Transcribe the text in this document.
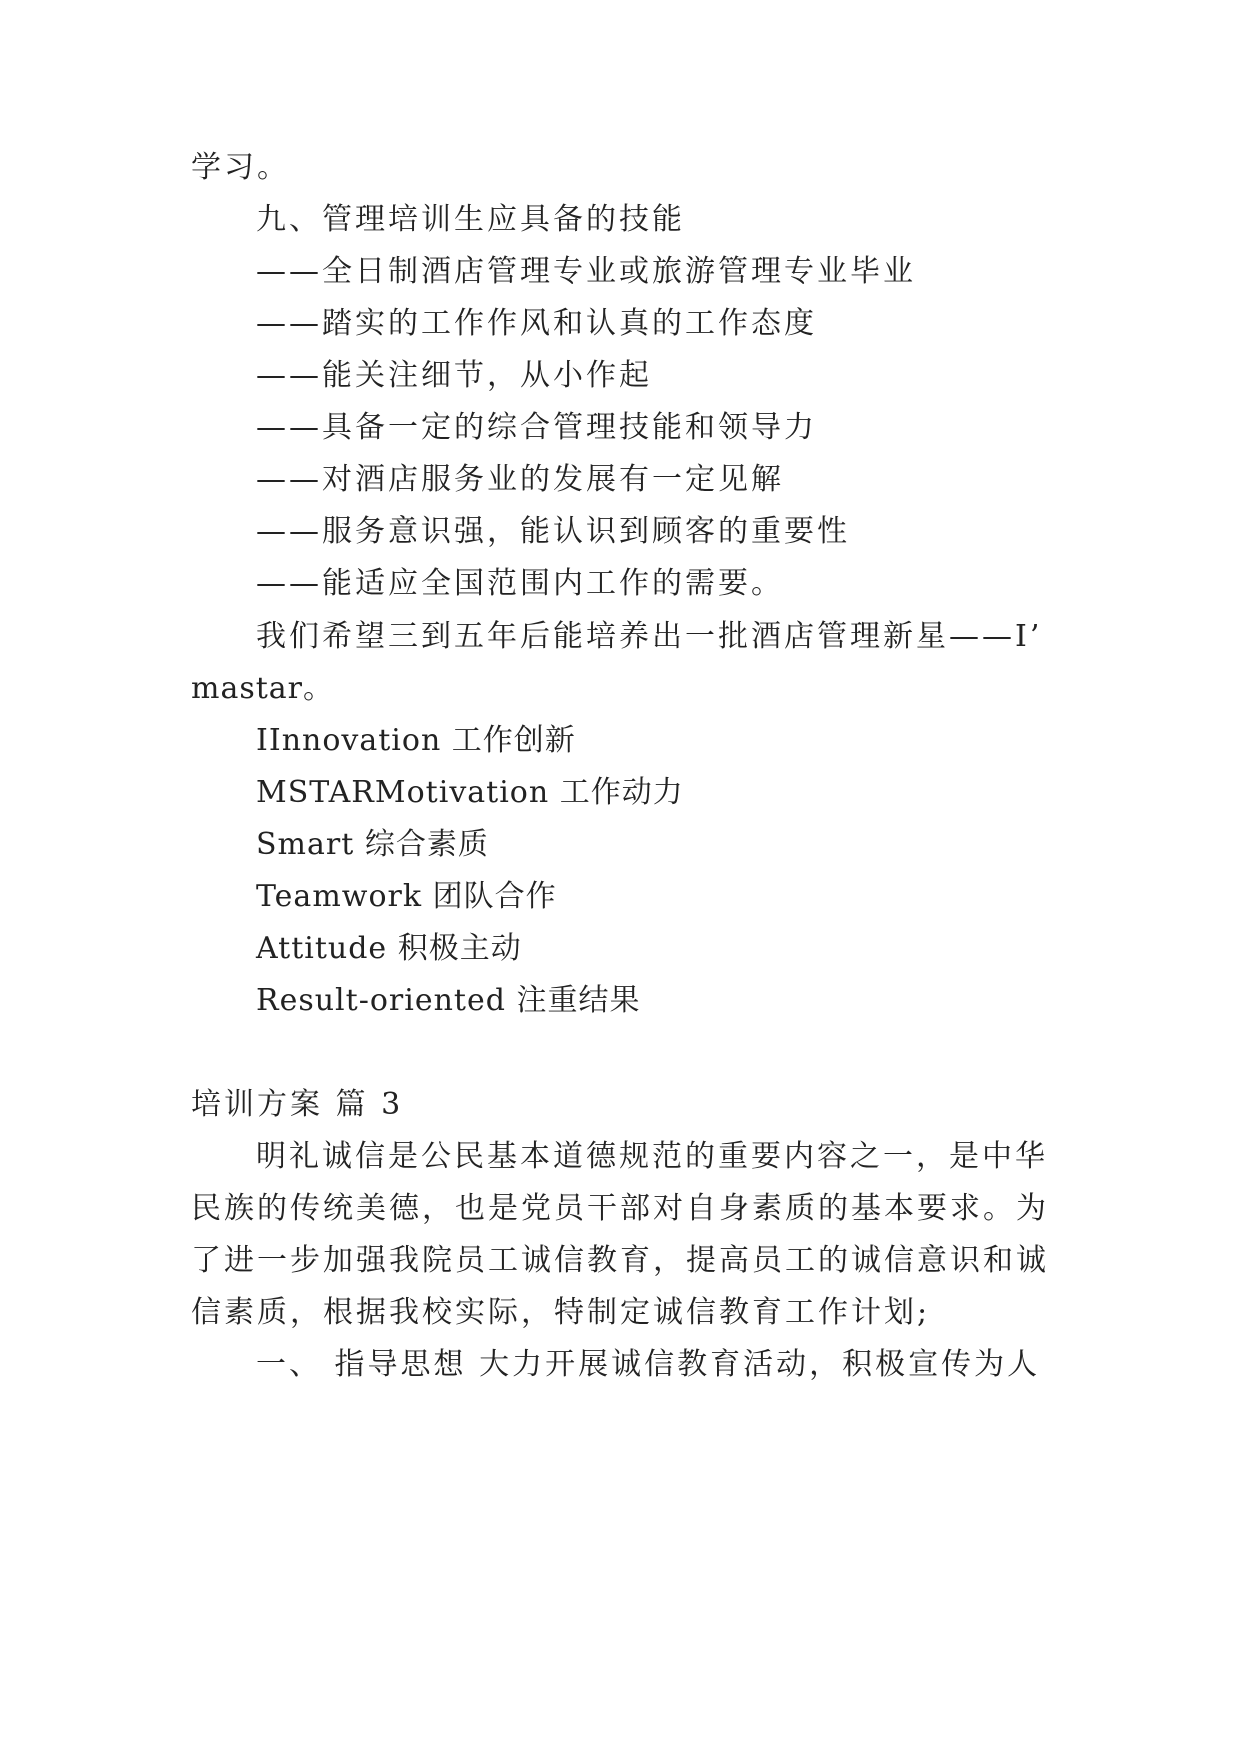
学习。
九、管理培训生应具备的技能
——全日制酒店管理专业或旅游管理专业毕业
——踏实的工作作风和认真的工作态度
——能关注细节，从小作起
——具备一定的综合管理技能和领导力
——对酒店服务业的发展有一定见解
——服务意识强，能认识到顾客的重要性
——能适应全国范围内工作的需要。
我们希望三到五年后能培养出一批酒店管理新星——I’
mastar。
IInnovation 工作创新
MSTARMotivation 工作动力
Smart 综合素质
Teamwork 团队合作
Attitude 积极主动
Result-oriented 注重结果
培训方案 篇 3
明礼诚信是公民基本道德规范的重要内容之一，是中华
民族的传统美德，也是党员干部对自身素质的基本要求。为
了进一步加强我院员工诚信教育，提高员工的诚信意识和诚
信素质，根据我校实际，特制定诚信教育工作计划;
一、 指导思想 大力开展诚信教育活动，积极宣传为人
